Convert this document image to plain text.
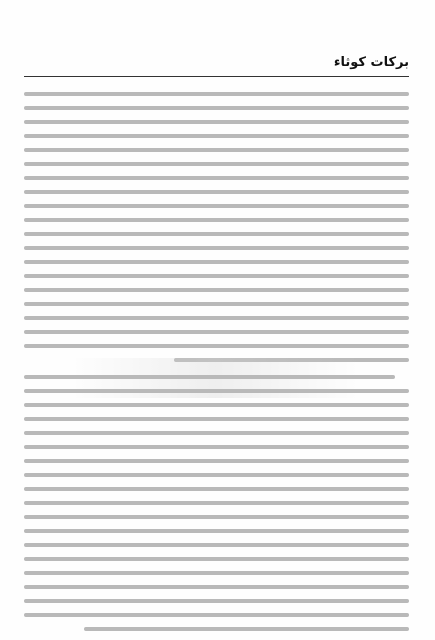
بركات كوثاء
